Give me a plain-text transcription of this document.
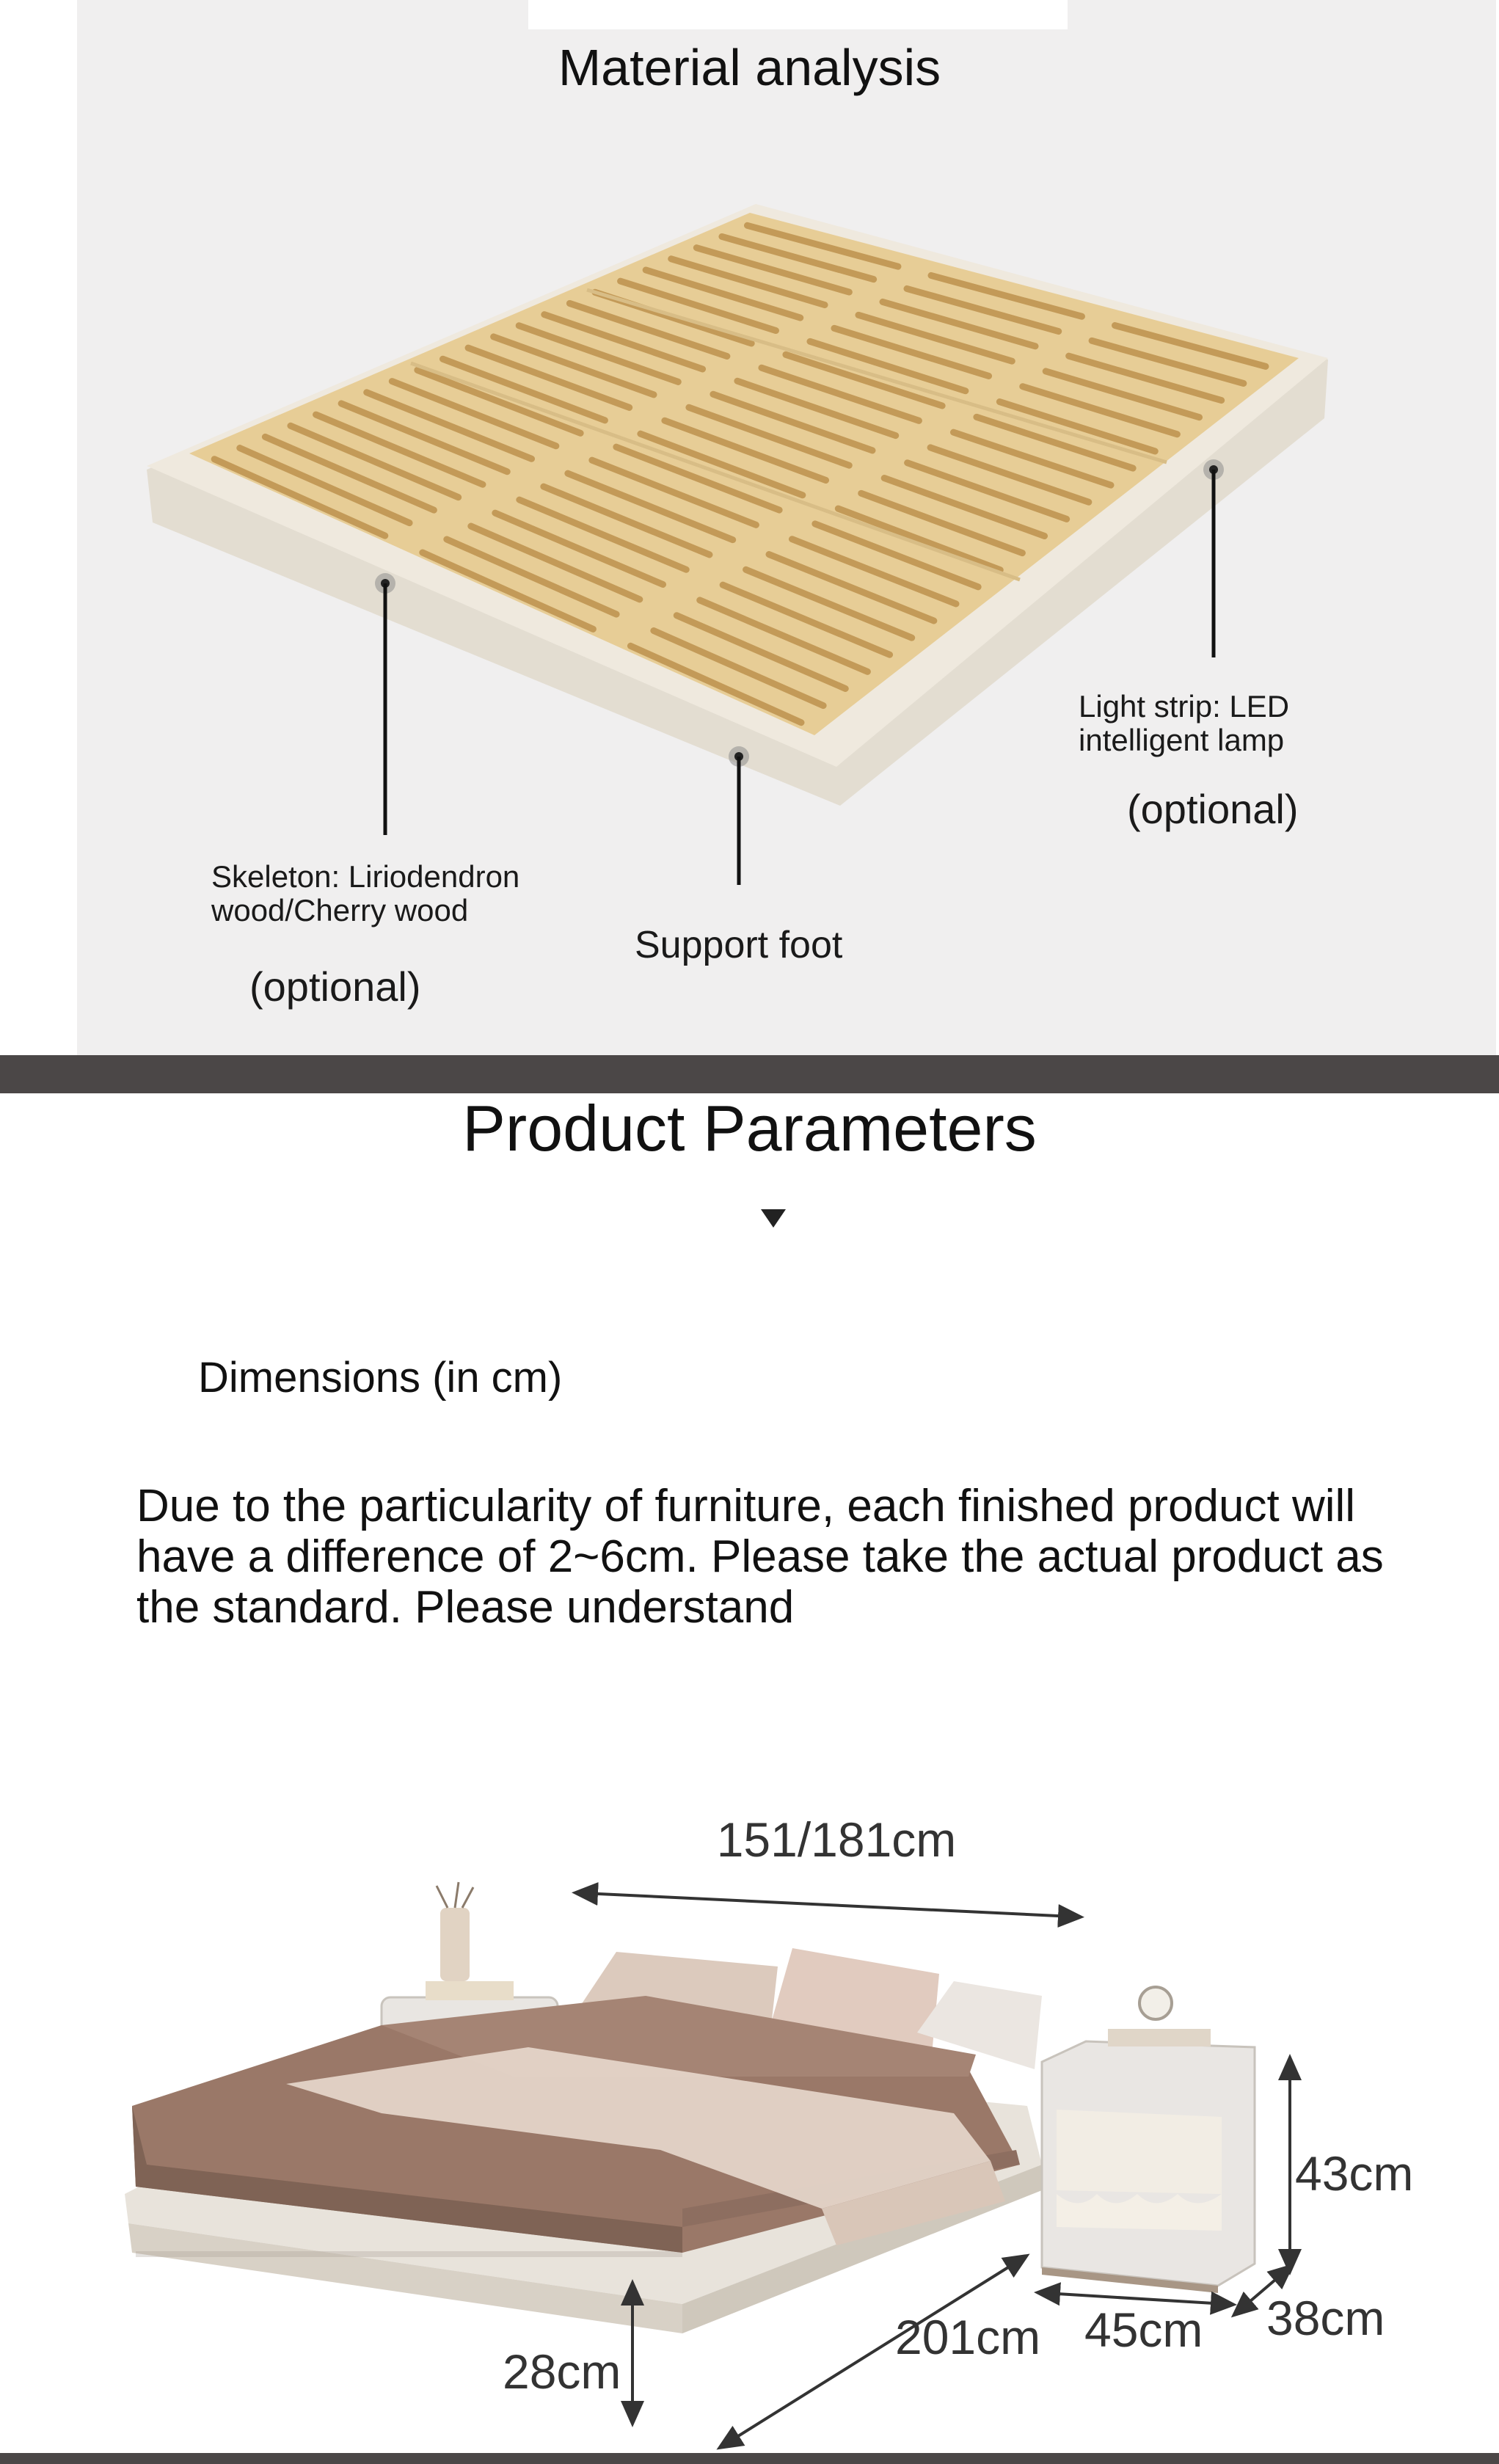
Material analysis
Skeleton: Liriodendron
wood/Cherry wood
(optional)
Support foot
Light strip: LED
intelligent lamp
(optional)
Product Parameters
Dimensions (in cm)
Due to the particularity of furniture, each finished product will have a difference of 2~6cm. Please take the actual product as the standard. Please understand
151/181cm
43cm
45cm 38cm
201cm
28cm
